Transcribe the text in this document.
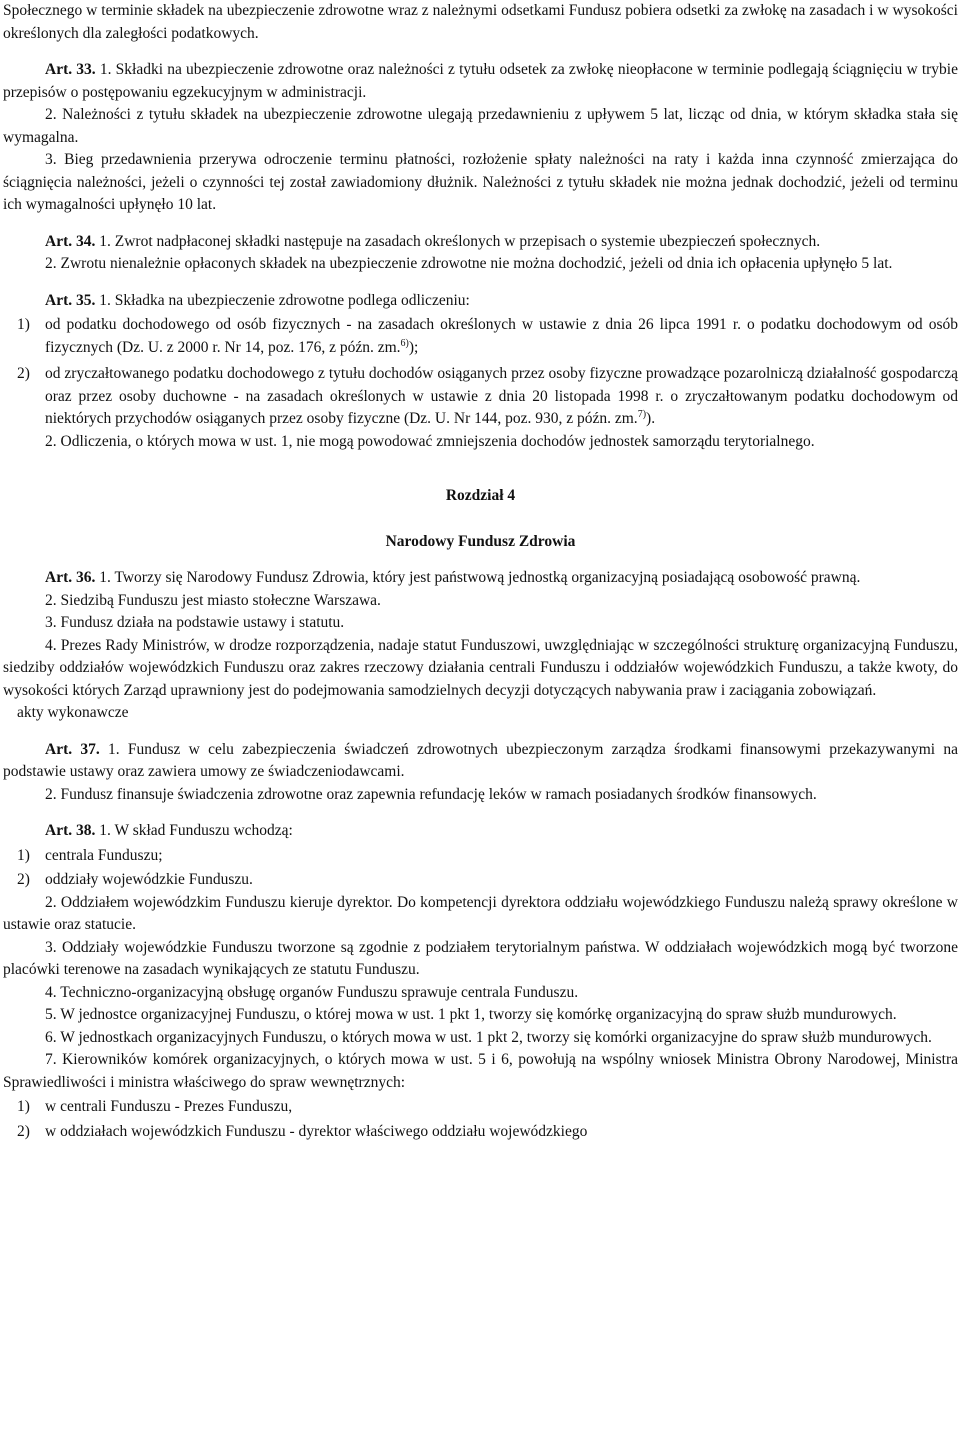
Społecznego w terminie składek na ubezpieczenie zdrowotne wraz z należnymi odsetkami Fundusz pobiera odsetki za zwłokę na zasadach i w wysokości określonych dla zaległości podatkowych.

Art. 33. 1. Składki na ubezpieczenie zdrowotne oraz należności z tytułu odsetek za zwłokę nieopłacone w terminie podlegają ściągnięciu w trybie przepisów o postępowaniu egzekucyjnym w administracji.

2. Należności z tytułu składek na ubezpieczenie zdrowotne ulegają przedawnieniu z upływem 5 lat, licząc od dnia, w którym składka stała się wymagalna.

3. Bieg przedawnienia przerywa odroczenie terminu płatności, rozłożenie spłaty należności na raty i każda inna czynność zmierzająca do ściągnięcia należności, jeżeli o czynności tej został zawiadomiony dłużnik. Należności z tytułu składek nie można jednak dochodzić, jeżeli od terminu ich wymagalności upłynęło 10 lat.

Art. 34. 1. Zwrot nadpłaconej składki następuje na zasadach określonych w przepisach o systemie ubezpieczeń społecznych.

2. Zwrotu nienależnie opłaconych składek na ubezpieczenie zdrowotne nie można dochodzić, jeżeli od dnia ich opłacenia upłynęło 5 lat.

Art. 35. 1. Składka na ubezpieczenie zdrowotne podlega odliczeniu:

1) od podatku dochodowego od osób fizycznych - na zasadach określonych w ustawie z dnia 26 lipca 1991 r. o podatku dochodowym od osób fizycznych (Dz. U. z 2000 r. Nr 14, poz. 176, z późn. zm.$^{6)}$);
2) od zryczałtowanego podatku dochodowego z tytułu dochodów osiąganych przez osoby fizyczne prowadzące pozarolniczą działalność gospodarczą oraz przez osoby duchowne - na zasadach określonych w ustawie z dnia 20 listopada 1998 r. o zryczałtowanym podatku dochodowym od niektórych przychodów osiąganych przez osoby fizyczne (Dz. U. Nr 144, poz. 930, z późn. zm.$^{7)}$).

2. Odliczenia, o których mowa w ust. 1, nie mogą powodować zmniejszenia dochodów jednostek samorządu terytorialnego.

Rozdział 4

Narodowy Fundusz Zdrowia

Art. 36. 1. Tworzy się Narodowy Fundusz Zdrowia, który jest państwową jednostką organizacyjną posiadającą osobowość prawną.

2. Siedzibą Funduszu jest miasto stołeczne Warszawa.

3. Fundusz działa na podstawie ustawy i statutu.

4. Prezes Rady Ministrów, w drodze rozporządzenia, nadaje statut Funduszowi, uwzględniając w szczególności strukturę organizacyjną Funduszu, siedziby oddziałów wojewódzkich Funduszu oraz zakres rzeczowy działania centrali Funduszu i oddziałów wojewódzkich Funduszu, a także kwoty, do wysokości których Zarząd uprawniony jest do podejmowania samodzielnych decyzji dotyczących nabywania praw i zaciągania zobowiązań.

akty wykonawcze

Art. 37. 1. Fundusz w celu zabezpieczenia świadczeń zdrowotnych ubezpieczonym zarządza środkami finansowymi przekazywanymi na podstawie ustawy oraz zawiera umowy ze świadczeniodawcami.

2. Fundusz finansuje świadczenia zdrowotne oraz zapewnia refundację leków w ramach posiadanych środków finansowych.

Art. 38. 1. W skład Funduszu wchodzą:

1) centrala Funduszu;
2) oddziały wojewódzkie Funduszu.

2. Oddziałem wojewódzkim Funduszu kieruje dyrektor. Do kompetencji dyrektora oddziału wojewódzkiego Funduszu należą sprawy określone w ustawie oraz statucie.

3. Oddziały wojewódzkie Funduszu tworzone są zgodnie z podziałem terytorialnym państwa. W oddziałach wojewódzkich mogą być tworzone placówki terenowe na zasadach wynikających ze statutu Funduszu.

4. Techniczno-organizacyjną obsługę organów Funduszu sprawuje centrala Funduszu.

5. W jednostce organizacyjnej Funduszu, o której mowa w ust. 1 pkt 1, tworzy się komórkę organizacyjną do spraw służb mundurowych.

6. W jednostkach organizacyjnych Funduszu, o których mowa w ust. 1 pkt 2, tworzy się komórki organizacyjne do spraw służb mundurowych.

7. Kierowników komórek organizacyjnych, o których mowa w ust. 5 i 6, powołują na wspólny wniosek Ministra Obrony Narodowej, Ministra Sprawiedliwości i ministra właściwego do spraw wewnętrznych:

1) w centrali Funduszu - Prezes Funduszu,
2) w oddziałach wojewódzkich Funduszu - dyrektor właściwego oddziału wojewódzkiego
